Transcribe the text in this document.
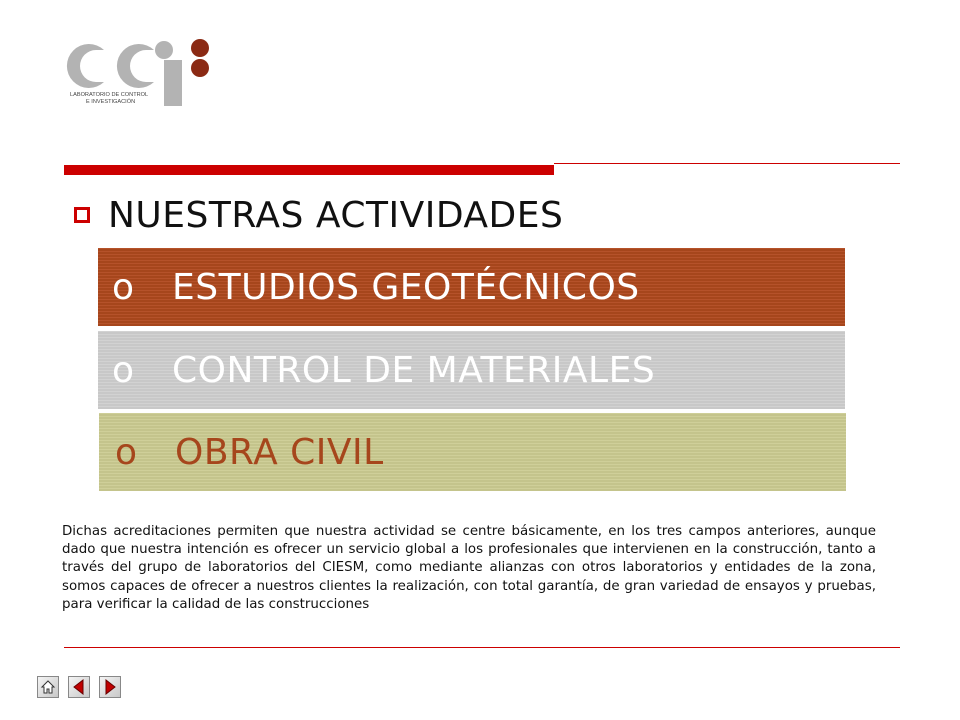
LABORATORIO DE CONTROL
E INVESTIGACIÓN
NUESTRAS ACTIVIDADES
o	ESTUDIOS GEOTÉCNICOS
o	CONTROL DE MATERIALES
o	OBRA CIVIL
Dichas acreditaciones permiten que nuestra actividad se centre básicamente, en los tres campos anteriores, aunque dado que nuestra intención es ofrecer un servicio global a los profesionales que intervienen en la construcción, tanto a través del grupo de laboratorios del CIESM, como mediante alianzas con otros laboratorios y entidades de la zona, somos capaces de ofrecer a nuestros clientes la realización, con total garantía, de gran variedad de ensayos y pruebas, para verificar la calidad de las construcciones
